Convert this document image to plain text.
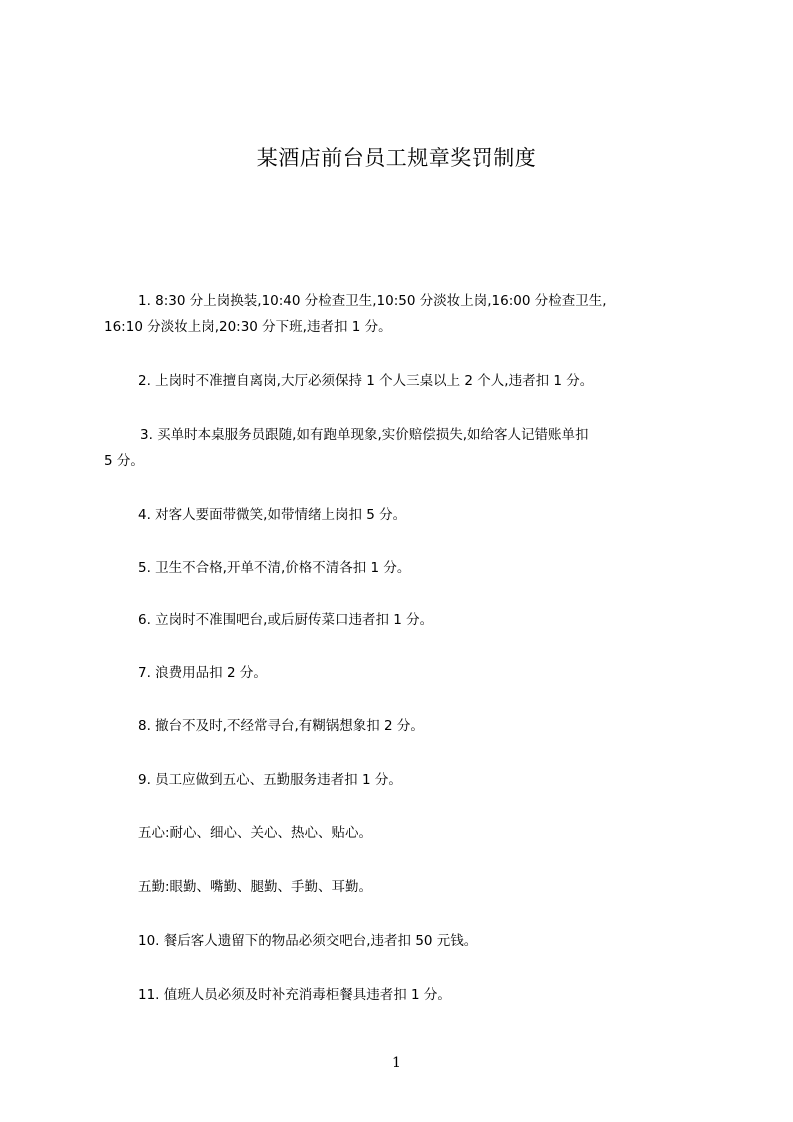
某酒店前台员工规章奖罚制度
1. 8:30 分上岗换装,10:40 分检查卫生,10:50 分淡妆上岗,16:00 分检查卫生,
16:10 分淡妆上岗,20:30 分下班,违者扣 1 分。
2. 上岗时不准擅自离岗,大厅必须保持 1 个人三桌以上 2 个人,违者扣 1 分。
3. 买单时本桌服务员跟随,如有跑单现象,实价赔偿损失,如给客人记错账单扣
5 分。
4. 对客人要面带微笑,如带情绪上岗扣 5 分。
5. 卫生不合格,开单不清,价格不清各扣 1 分。
6. 立岗时不准围吧台,或后厨传菜口违者扣 1 分。
7. 浪费用品扣 2 分。
8. 撤台不及时,不经常寻台,有糊锅想象扣 2 分。
9. 员工应做到五心、五勤服务违者扣 1 分。
五心:耐心、细心、关心、热心、贴心。
五勤:眼勤、嘴勤、腿勤、手勤、耳勤。
10. 餐后客人遗留下的物品必须交吧台,违者扣 50 元钱。
11. 值班人员必须及时补充消毒柜餐具违者扣 1 分。
1
